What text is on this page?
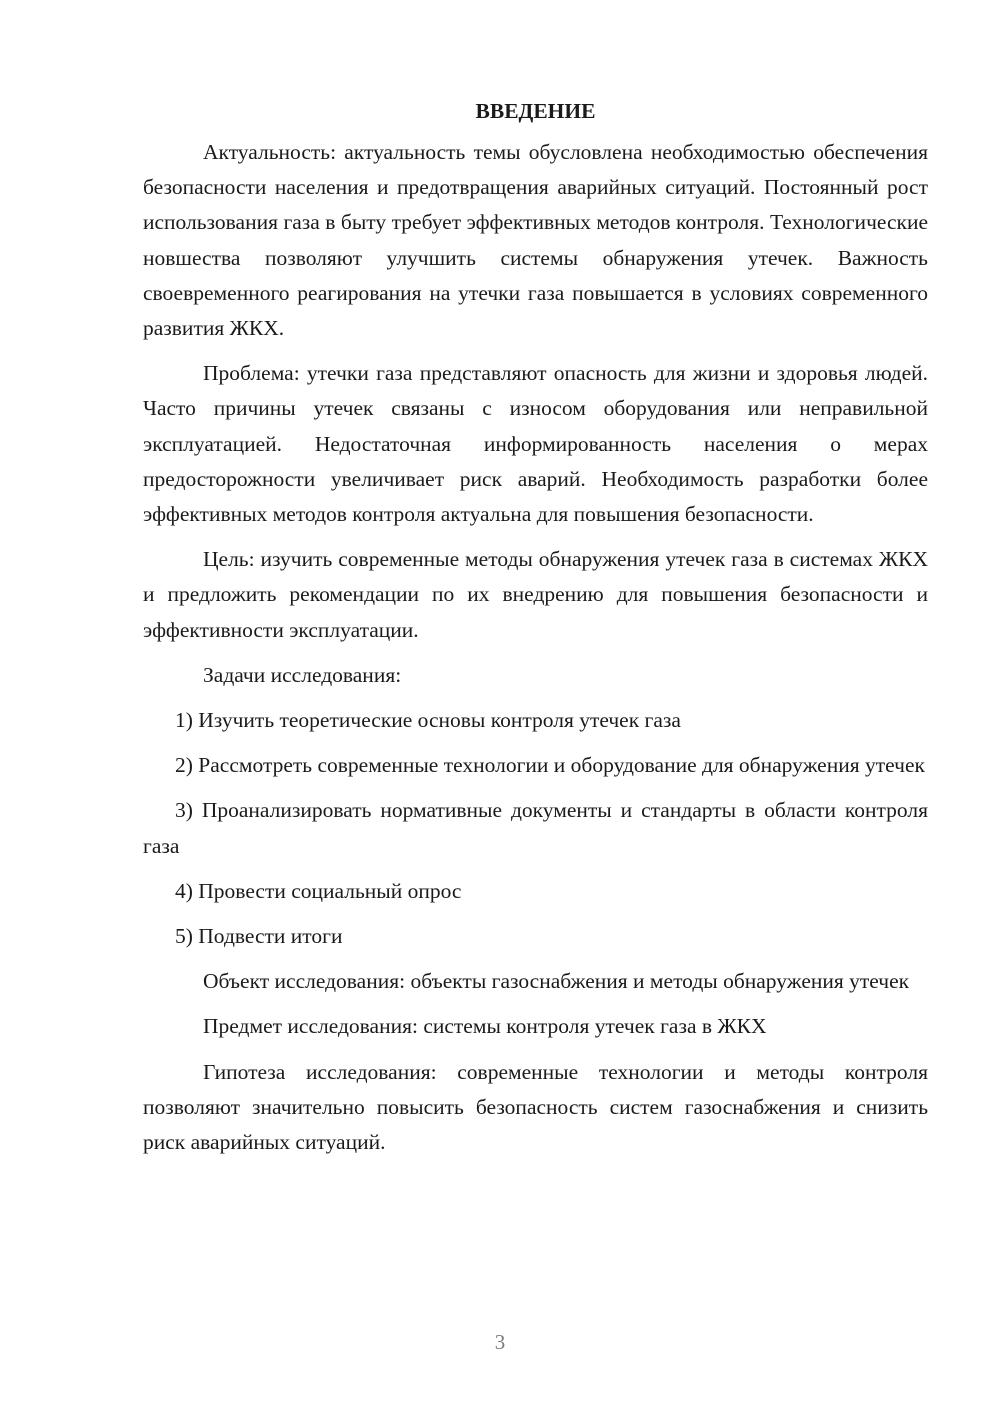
ВВЕДЕНИЕ

Актуальность: актуальность темы обусловлена необходимостью обеспечения безопасности населения и предотвращения аварийных ситуаций. Постоянный рост использования газа в быту требует эффективных методов контроля. Технологические новшества позволяют улучшить системы обнаружения утечек. Важность своевременного реагирования на утечки газа повышается в условиях современного развития ЖКХ.

Проблема: утечки газа представляют опасность для жизни и здоровья людей. Часто причины утечек связаны с износом оборудования или неправильной эксплуатацией. Недостаточная информированность населения о мерах предосторожности увеличивает риск аварий. Необходимость разработки более эффективных методов контроля актуальна для повышения безопасности.

Цель: изучить современные методы обнаружения утечек газа в системах ЖКХ и предложить рекомендации по их внедрению для повышения безопасности и эффективности эксплуатации.

Задачи исследования:

1) Изучить теоретические основы контроля утечек газа

2) Рассмотреть современные технологии и оборудование для обнаружения утечек

3) Проанализировать нормативные документы и стандарты в области контроля газа

4) Провести социальный опрос

5) Подвести итоги

Объект исследования: объекты газоснабжения и методы обнаружения утечек

Предмет исследования: системы контроля утечек газа в ЖКХ

Гипотеза исследования: современные технологии и методы контроля позволяют значительно повысить безопасность систем газоснабжения и снизить риск аварийных ситуаций.

3
